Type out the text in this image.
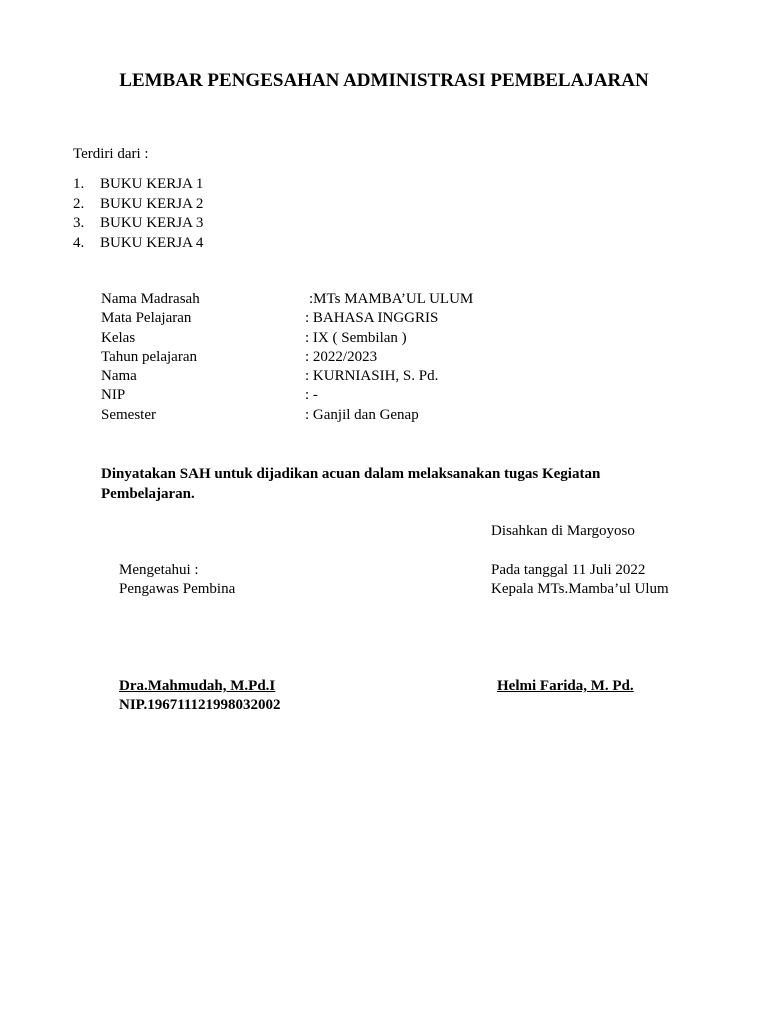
LEMBAR PENGESAHAN ADMINISTRASI PEMBELAJARAN
Terdiri dari :
1. BUKU KERJA 1
2. BUKU KERJA 2
3. BUKU KERJA 3
4. BUKU KERJA 4
Nama Madrasah	:MTs MAMBA’UL ULUM
Mata Pelajaran	: BAHASA INGGRIS
Kelas	: IX ( Sembilan )
Tahun pelajaran	: 2022/2023
Nama	: KURNIASIH, S. Pd.
NIP	: -
Semester	: Ganjil dan Genap
Dinyatakan SAH untuk dijadikan acuan dalam melaksanakan tugas Kegiatan
Pembelajaran.
Disahkan di Margoyoso
Mengetahui :
Pengawas Pembina
Pada tanggal 11 Juli 2022
Kepala MTs.Mamba’ul Ulum
Dra.Mahmudah, M.Pd.I
NIP.196711121998032002
Helmi Farida, M. Pd.
